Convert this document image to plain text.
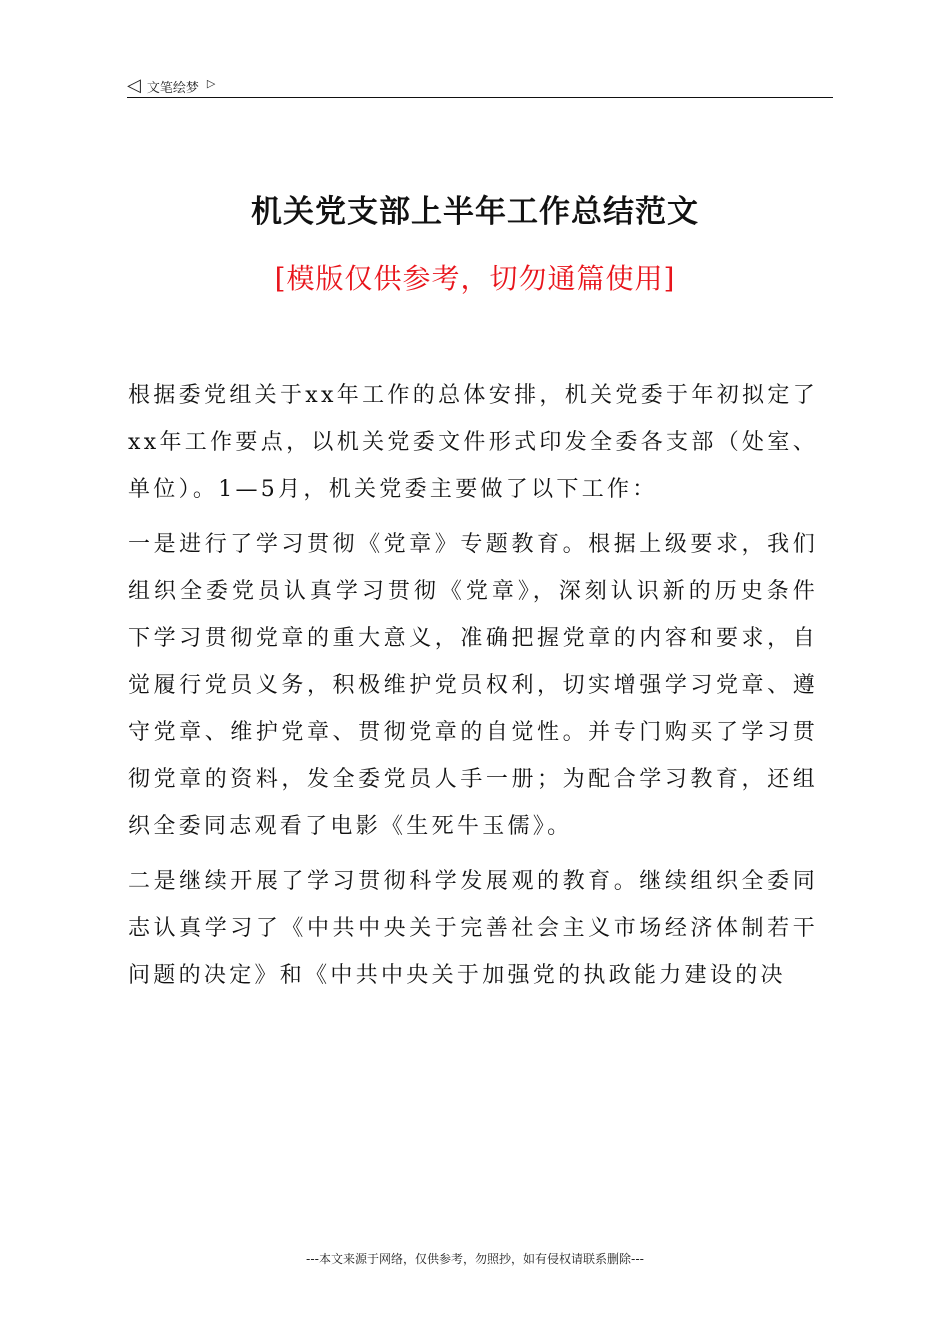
◁ 文笔绘梦 ▷
机关党支部上半年工作总结范文
[模版仅供参考，切勿通篇使用]

根据委党组关于xx年工作的总体安排，机关党委于年初拟定了xx年工作要点，以机关党委文件形式印发全委各支部（处室、单位）。1—5月，机关党委主要做了以下工作：

一是进行了学习贯彻《党章》专题教育。根据上级要求，我们组织全委党员认真学习贯彻《党章》，深刻认识新的历史条件下学习贯彻党章的重大意义，准确把握党章的内容和要求，自觉履行党员义务，积极维护党员权利，切实增强学习党章、遵守党章、维护党章、贯彻党章的自觉性。并专门购买了学习贯彻党章的资料，发全委党员人手一册；为配合学习教育，还组织全委同志观看了电影《生死牛玉儒》。

二是继续开展了学习贯彻科学发展观的教育。继续组织全委同志认真学习了《中共中央关于完善社会主义市场经济体制若干问题的决定》和《中共中央关于加强党的执政能力建设的决

---本文来源于网络，仅供参考，勿照抄，如有侵权请联系删除---
